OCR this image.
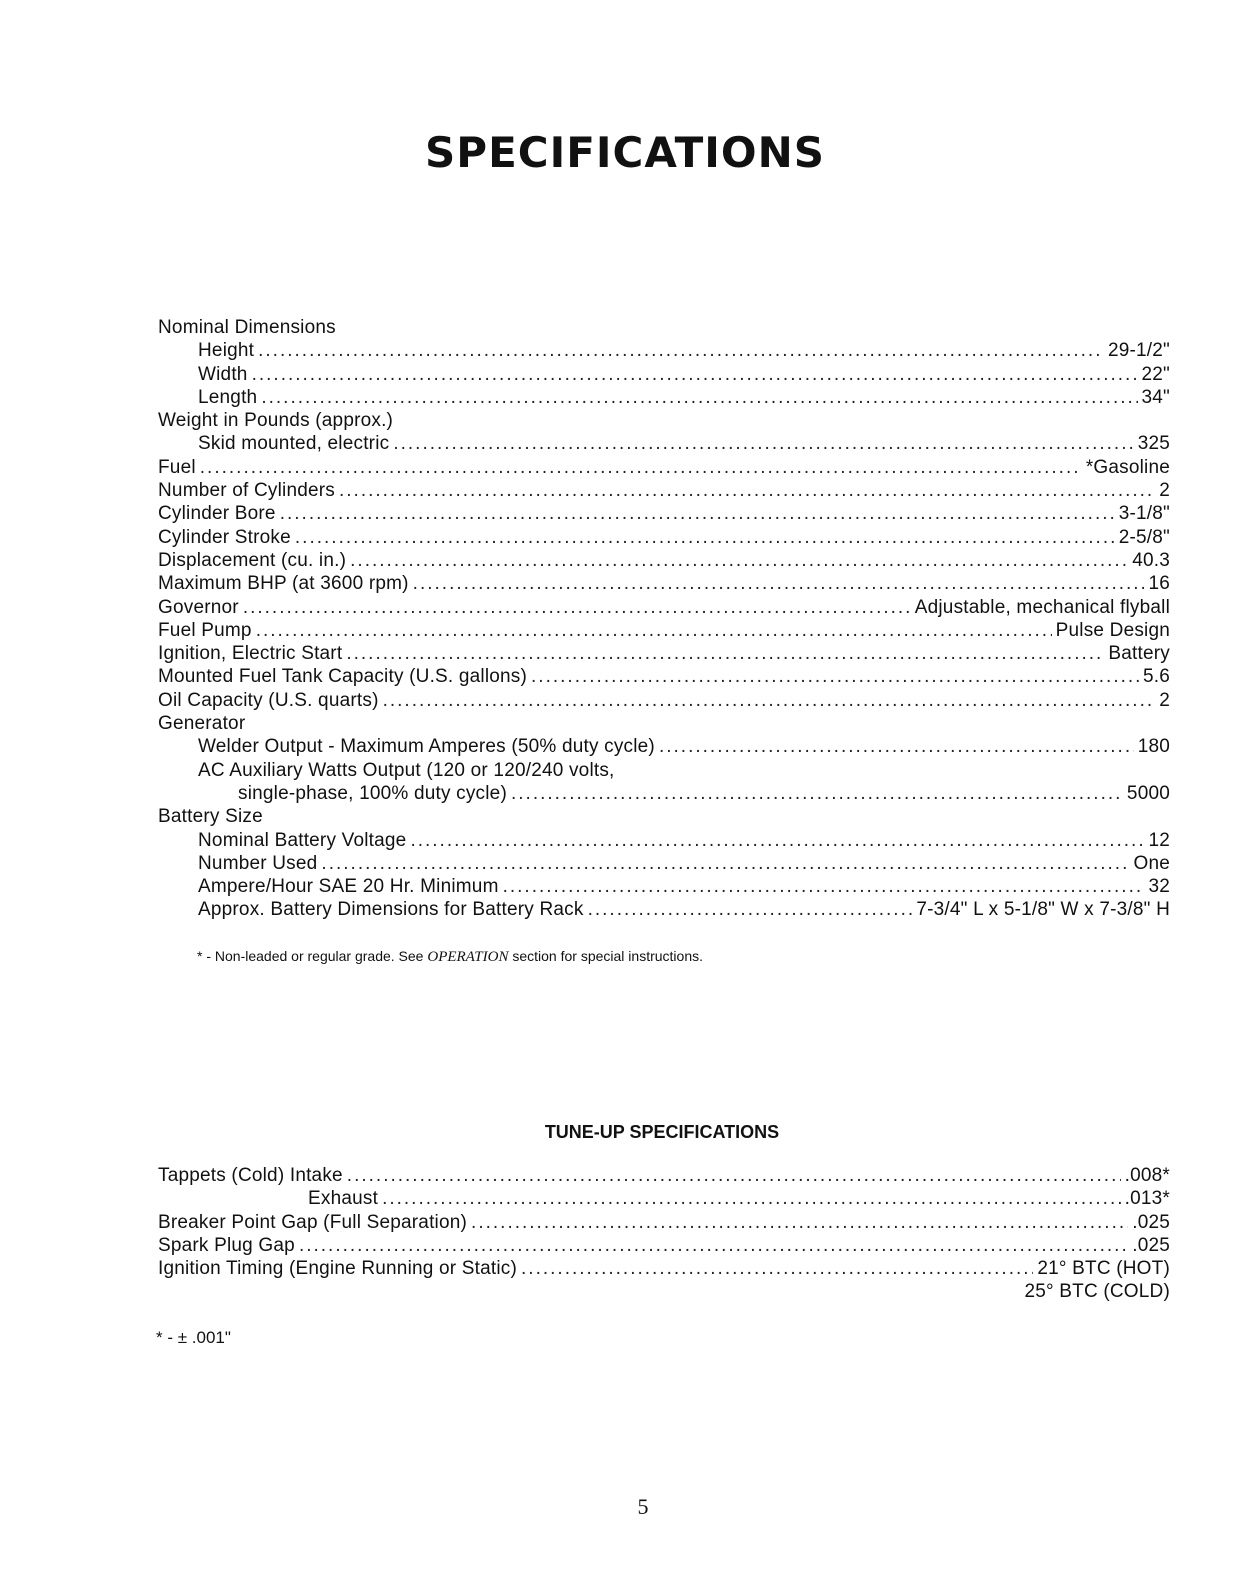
SPECIFICATIONS
Nominal Dimensions
Height .....	29-1/2"
Width .....	22"
Length .....	34"
Weight in Pounds (approx.)
Skid mounted, electric .....	325
Fuel .....	*Gasoline
Number of Cylinders .....	2
Cylinder Bore .....	3-1/8"
Cylinder Stroke .....	2-5/8"
Displacement (cu. in.) .....	40.3
Maximum BHP (at 3600 rpm) .....	16
Governor .....	Adjustable, mechanical flyball
Fuel Pump .....	Pulse Design
Ignition, Electric Start .....	Battery
Mounted Fuel Tank Capacity (U.S. gallons) .....	5.6
Oil Capacity (U.S. quarts) .....	2
Generator
Welder Output - Maximum Amperes (50% duty cycle) .....	180
AC Auxiliary Watts Output (120 or 120/240 volts,
single-phase, 100% duty cycle) .....	5000
Battery Size
Nominal Battery Voltage .....	12
Number Used .....	One
Ampere/Hour SAE 20 Hr. Minimum .....	32
Approx. Battery Dimensions for Battery Rack .....	7-3/4" L x 5-1/8" W x 7-3/8" H
* - Non-leaded or regular grade. See OPERATION section for special instructions.
TUNE-UP SPECIFICATIONS
Tappets (Cold) Intake .....	.008*
Exhaust .....	.013*
Breaker Point Gap (Full Separation) .....	.025
Spark Plug Gap .....	.025
Ignition Timing (Engine Running or Static) .....	21° BTC (HOT)
25° BTC (COLD)
* - ± .001"
5
